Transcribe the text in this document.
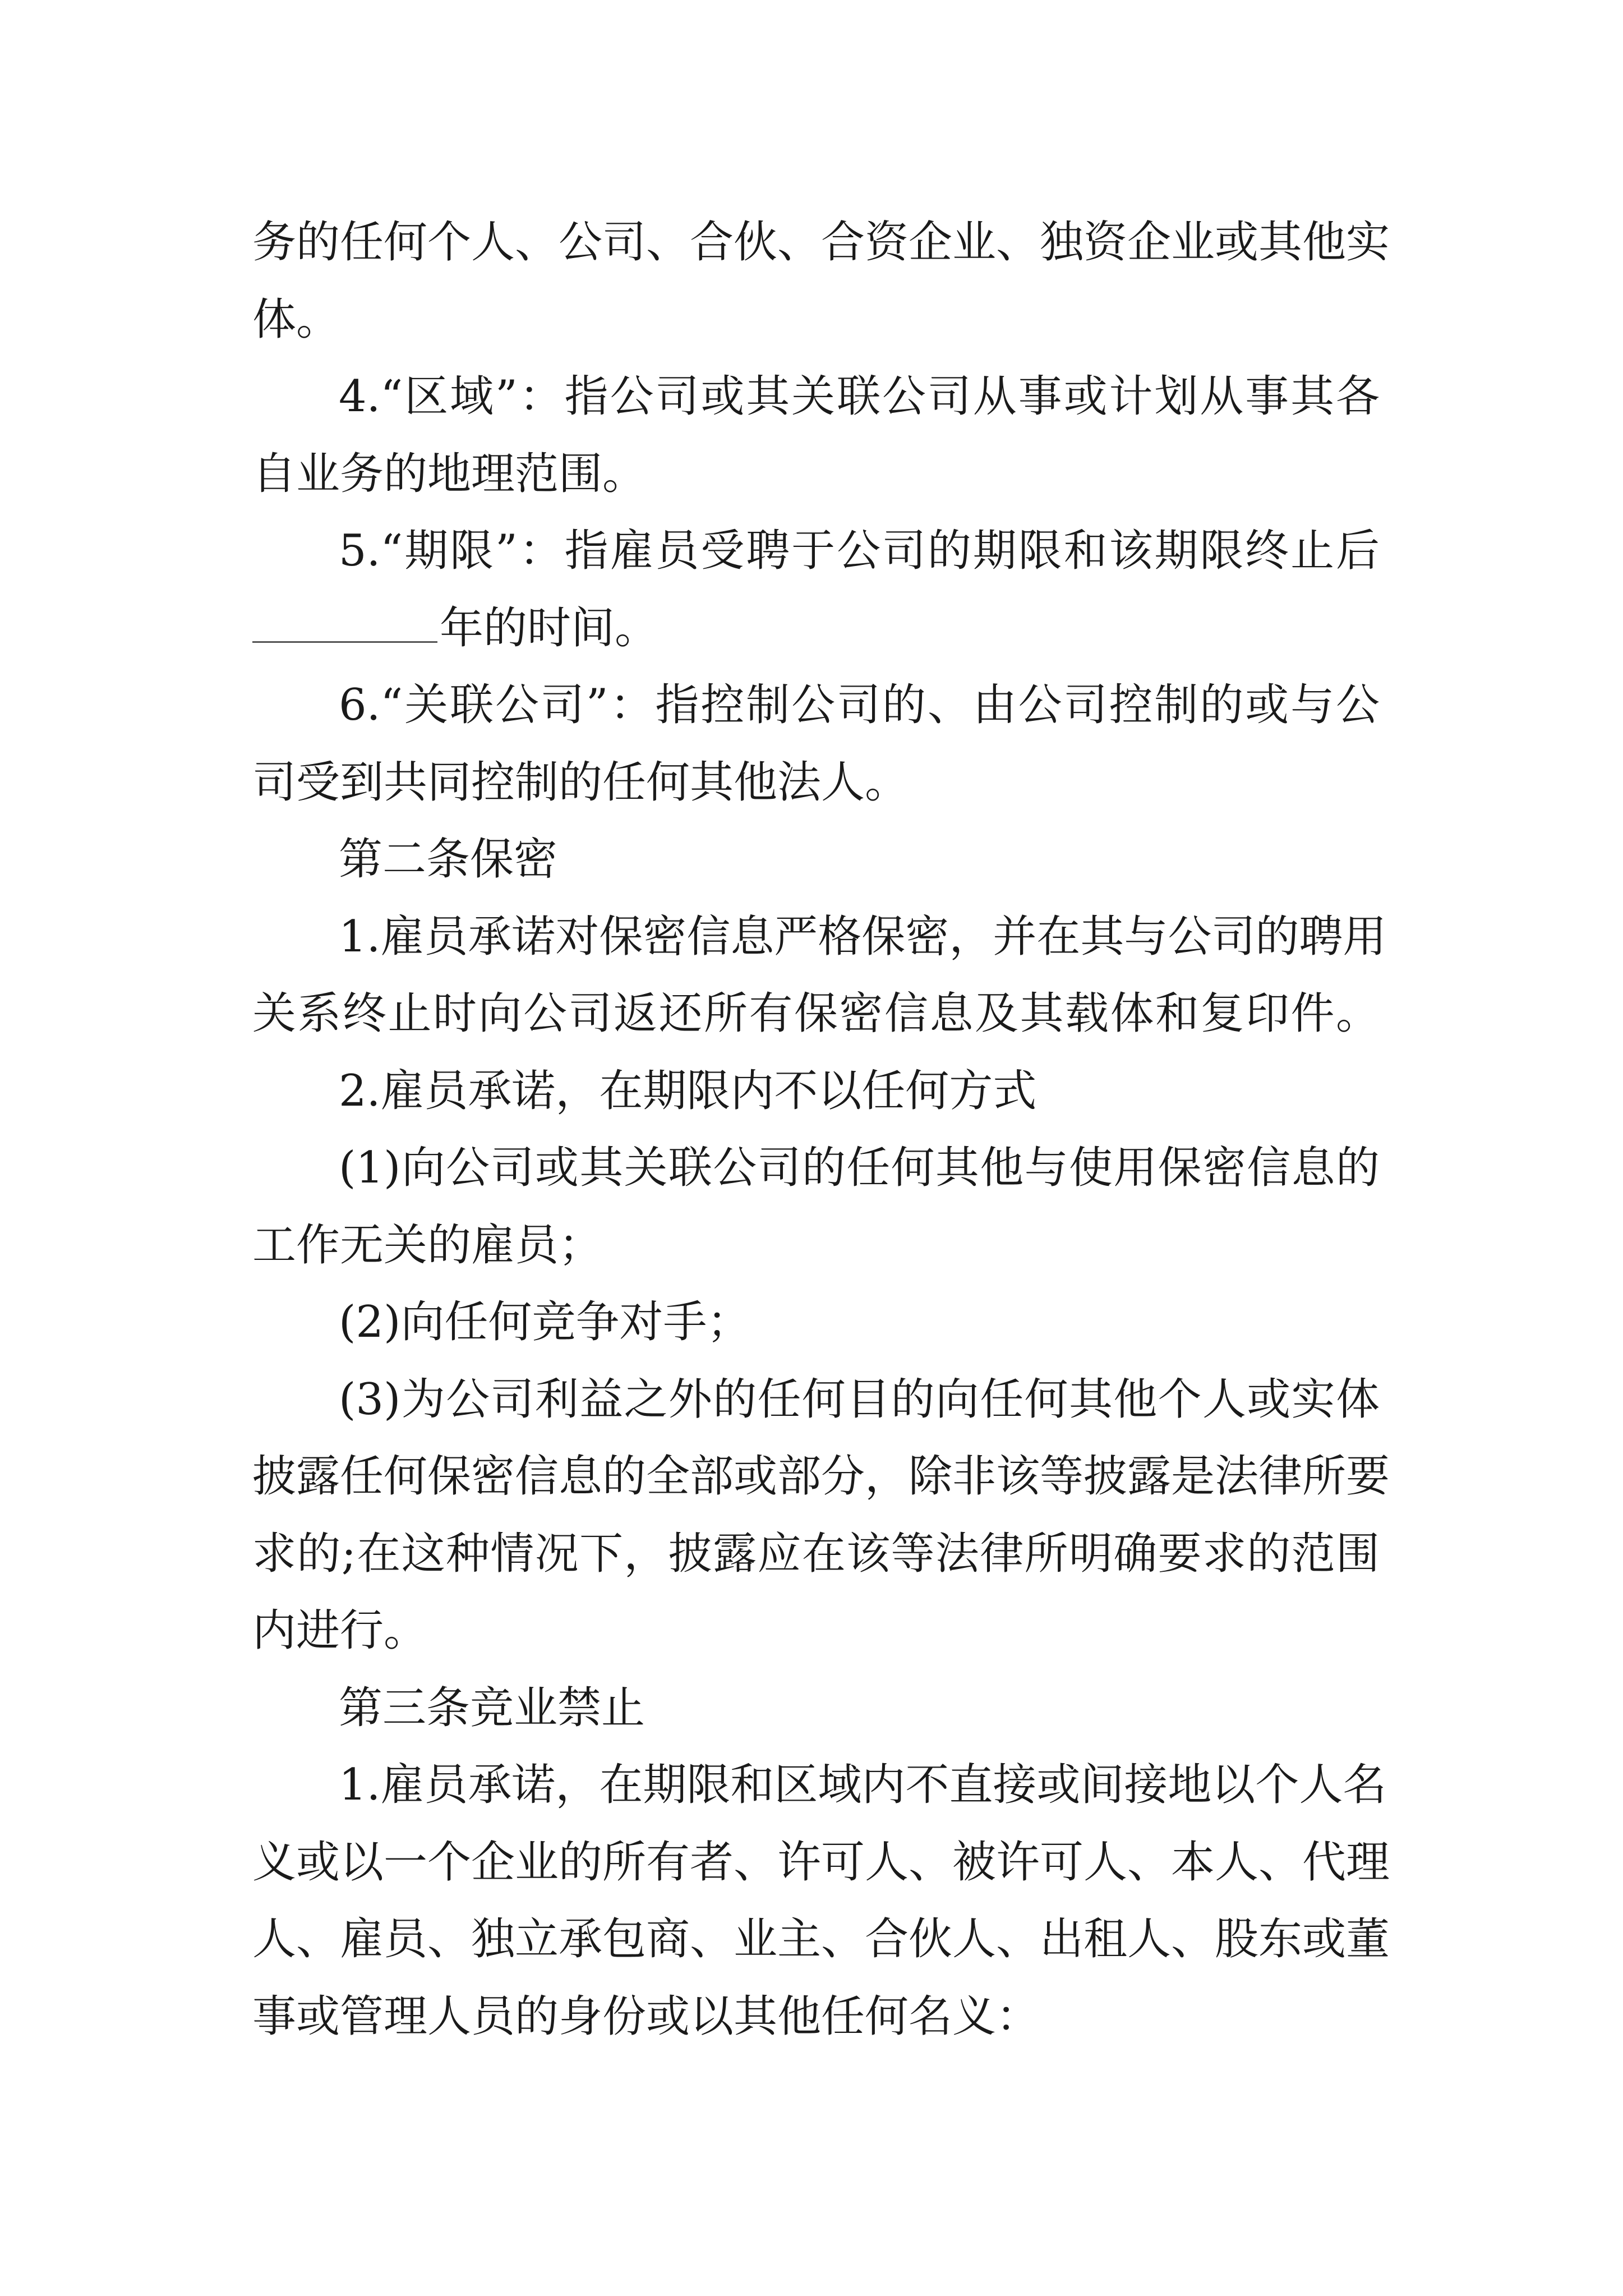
务的任何个人、公司、合伙、合资企业、独资企业或其他实
体。
4.“区域”：指公司或其关联公司从事或计划从事其各
自业务的地理范围。
5.“期限”：指雇员受聘于公司的期限和该期限终止后
年的时间。
6.“关联公司”：指控制公司的、由公司控制的或与公
司受到共同控制的任何其他法人。
第二条保密
1.雇员承诺对保密信息严格保密，并在其与公司的聘用
关系终止时向公司返还所有保密信息及其载体和复印件。
2.雇员承诺，在期限内不以任何方式
(1)向公司或其关联公司的任何其他与使用保密信息的
工作无关的雇员；
(2)向任何竞争对手；
(3)为公司利益之外的任何目的向任何其他个人或实体
披露任何保密信息的全部或部分，除非该等披露是法律所要
求的;在这种情况下，披露应在该等法律所明确要求的范围
内进行。
第三条竞业禁止
1.雇员承诺，在期限和区域内不直接或间接地以个人名
义或以一个企业的所有者、许可人、被许可人、本人、代理
人、雇员、独立承包商、业主、合伙人、出租人、股东或董
事或管理人员的身份或以其他任何名义：
